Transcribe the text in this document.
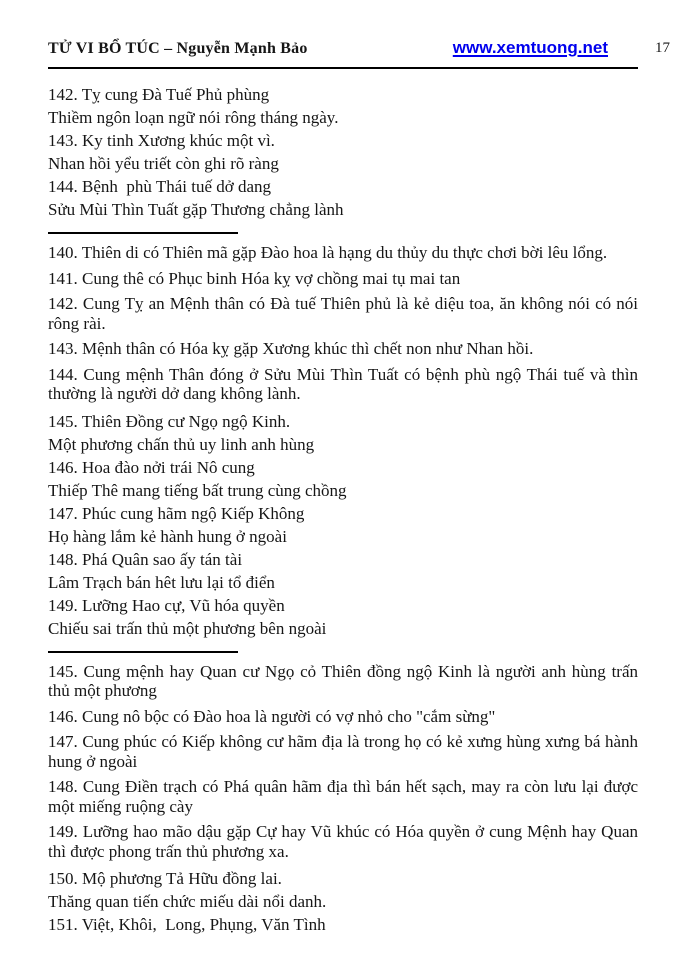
TỬ VI BỔ TÚC – Nguyễn Mạnh Bảo	www.xemtuong.net	17

142. Tỵ cung Đà Tuế Phủ phùng

Thiềm ngôn loạn ngữ nói rông tháng ngày.

143. Ky tinh Xương khúc một vì.

Nhan hồi yểu triết còn ghi rõ ràng

144. Bệnh  phù Thái tuế dở dang

Sửu Mùi Thìn Tuất gặp Thương chẳng lành

140. Thiên di có Thiên mã gặp Đào hoa là hạng du thủy du thực chơi bời lêu lổng.

141. Cung thê có Phục binh Hóa kỵ vợ chồng mai tụ mai tan

142. Cung Tỵ an Mệnh thân có Đà tuế Thiên phủ là kẻ diệu toa, ăn không nói có nói rông rài.

143. Mệnh thân có Hóa kỵ gặp Xương khúc thì chết non như Nhan hồi.

144. Cung mệnh Thân đóng ở Sửu Mùi Thìn Tuất có bệnh phù ngộ Thái tuế và thìn thường là người dở dang không lành.

145. Thiên Đồng cư Ngọ ngộ Kinh.

Một phương chấn thủ uy linh anh hùng

146. Hoa đào nởi trái Nô cung

Thiếp Thê mang tiếng bất trung cùng chồng

147. Phúc cung hãm ngộ Kiếp Không

Họ hàng lắm kẻ hành hung ở ngoài

148. Phá Quân sao ấy tán tài

Lâm Trạch bán hêt lưu lại tổ điển

149. Lưỡng Hao cự, Vũ hóa quyền

Chiếu sai trấn thủ một phương bên ngoài

145. Cung mệnh hay Quan cư Ngọ cỏ Thiên đồng ngộ Kinh là người anh hùng trấn thủ một phương

146. Cung nô bộc có Đào hoa là người có vợ nhỏ cho "cắm sừng"

147. Cung phúc có Kiếp không cư hãm địa là trong họ có kẻ xưng hùng xưng bá hành hung ở ngoài

148. Cung Điền trạch có Phá quân hãm địa thì bán hết sạch, may ra còn lưu lại được một miếng ruộng cày

149. Lưỡng hao mão dậu gặp Cự hay Vũ khúc có Hóa quyền ở cung Mệnh hay Quan thì được phong trấn thủ phương xa.

150. Mộ phương Tả Hữu đồng lai.

Thăng quan tiến chức miếu dài nổi danh.

151. Việt, Khôi,  Long, Phụng, Văn Tình
